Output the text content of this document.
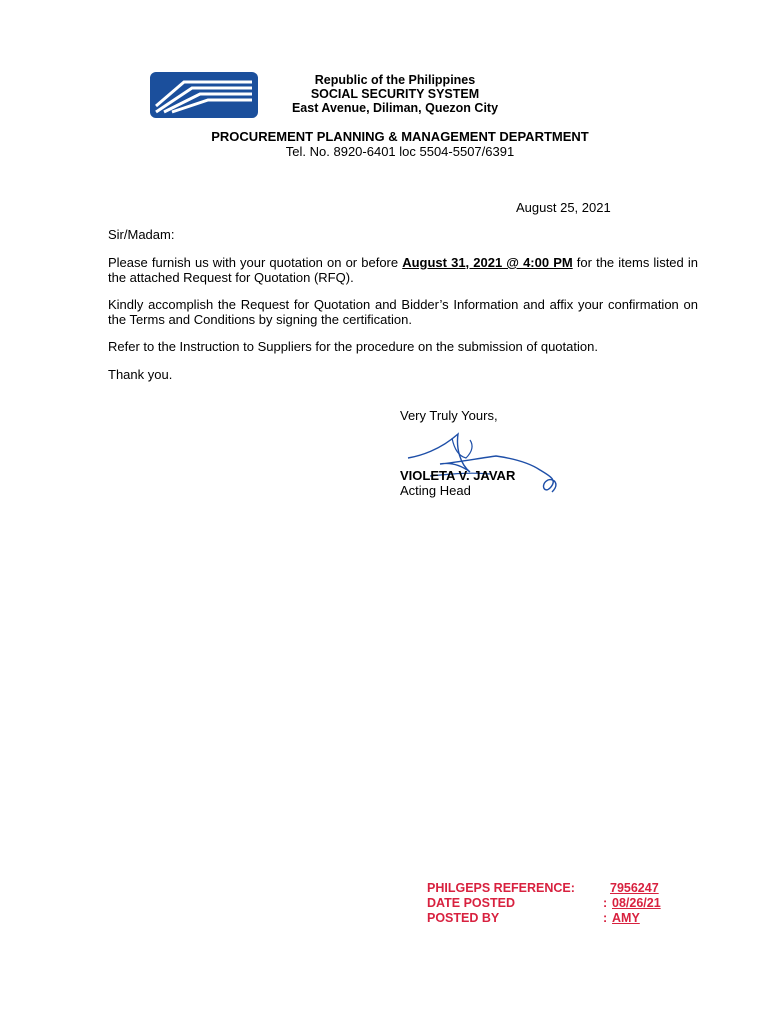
Republic of the Philippines
SOCIAL SECURITY SYSTEM
East Avenue, Diliman, Quezon City
PROCUREMENT PLANNING & MANAGEMENT DEPARTMENT
Tel. No. 8920-6401 loc 5504-5507/6391
August 25, 2021
Sir/Madam:
Please furnish us with your quotation on or before August 31, 2021 @ 4:00 PM for the items listed in the attached Request for Quotation (RFQ).
Kindly accomplish the Request for Quotation and Bidder’s Information and affix your confirmation on the Terms and Conditions by signing the certification.
Refer to the Instruction to Suppliers for the procedure on the submission of quotation.
Thank you.
Very Truly Yours,
VIOLETA V. JAVAR
Acting Head
PHILGEPS REFERENCE:	7956247
DATE POSTED	: 08/26/21
POSTED BY	: AMY
